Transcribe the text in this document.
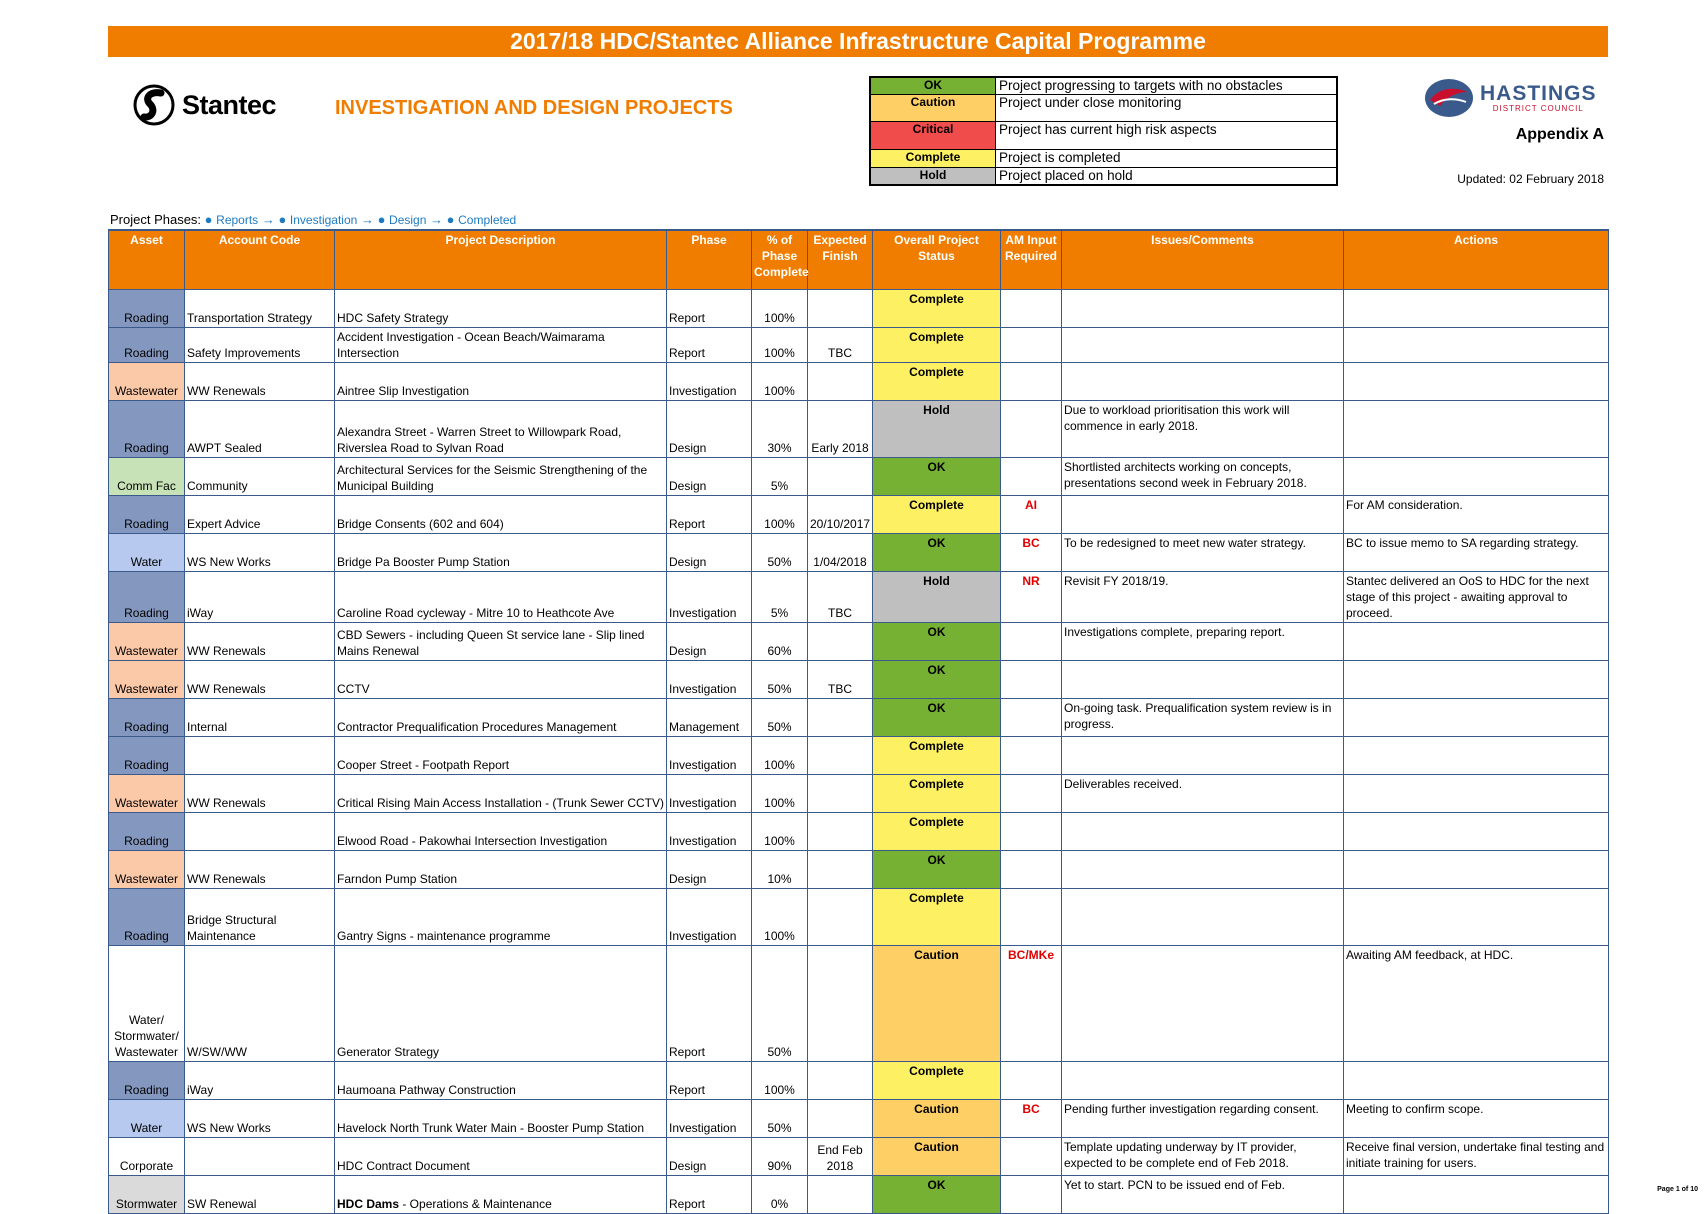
2017/18 HDC/Stantec Alliance Infrastructure Capital Programme
Stantec	INVESTIGATION AND DESIGN PROJECTS
OK	Project progressing to targets with no obstacles
Caution	Project under close monitoring
Critical	Project has current high risk aspects
Complete	Project is completed
Hold	Project placed on hold
HASTINGS
DISTRICT COUNCIL
Appendix A
Updated: 02 February 2018
Project Phases: ● Reports → ● Investigation → ● Design → ● Completed
Asset	Account Code	Project Description	Phase	% of Phase Complete	Expected Finish	Overall Project Status	AM Input Required	Issues/Comments	Actions
Roading	Transportation Strategy	HDC Safety Strategy	Report	100%		Complete			
Roading	Safety Improvements	Accident Investigation - Ocean Beach/Waimarama Intersection	Report	100%	TBC	Complete			
Wastewater	WW Renewals	Aintree Slip Investigation	Investigation	100%		Complete			
Roading	AWPT Sealed	Alexandra Street - Warren Street to Willowpark Road, Riverslea Road to Sylvan Road	Design	30%	Early 2018	Hold		Due to workload prioritisation this work will commence in early 2018.	
Comm Fac	Community	Architectural Services for the Seismic Strengthening of the Municipal Building	Design	5%		OK		Shortlisted architects working on concepts, presentations second week in February 2018.	
Roading	Expert Advice	Bridge Consents (602 and 604)	Report	100%	20/10/2017	Complete	AI		For AM consideration.
Water	WS New Works	Bridge Pa Booster Pump Station	Design	50%	1/04/2018	OK	BC	To be redesigned to meet new water strategy.	BC to issue memo to SA regarding strategy.
Roading	iWay	Caroline Road cycleway - Mitre 10 to Heathcote Ave	Investigation	5%	TBC	Hold	NR	Revisit FY 2018/19.	Stantec delivered an OoS to HDC for the next stage of this project - awaiting approval to proceed.
Wastewater	WW Renewals	CBD Sewers - including Queen St service lane - Slip lined Mains Renewal	Design	60%		OK		Investigations complete, preparing report.	
Wastewater	WW Renewals	CCTV	Investigation	50%	TBC	OK			
Roading	Internal	Contractor Prequalification Procedures Management	Management	50%		OK		On-going task. Prequalification system review is in progress.	
Roading		Cooper Street - Footpath Report	Investigation	100%		Complete			
Wastewater	WW Renewals	Critical Rising Main Access Installation - (Trunk Sewer CCTV)	Investigation	100%		Complete		Deliverables received.	
Roading		Elwood Road - Pakowhai Intersection Investigation	Investigation	100%		Complete			
Wastewater	WW Renewals	Farndon Pump Station	Design	10%		OK			
Roading	Bridge Structural Maintenance	Gantry Signs - maintenance programme	Investigation	100%		Complete			
Water/ Stormwater/ Wastewater	W/SW/WW	Generator Strategy	Report	50%		Caution	BC/MKe		Awaiting AM feedback, at HDC.
Roading	iWay	Haumoana Pathway Construction	Report	100%		Complete			
Water	WS New Works	Havelock North Trunk Water Main - Booster Pump Station	Investigation	50%		Caution	BC	Pending further investigation regarding consent.	Meeting to confirm scope.
Corporate		HDC Contract Document	Design	90%	End Feb 2018	Caution		Template updating underway by IT provider, expected to be complete end of Feb 2018.	Receive final version, undertake final testing and initiate training for users.
Stormwater	SW Renewal	HDC Dams - Operations & Maintenance	Report	0%		OK		Yet to start. PCN to be issued end of Feb.		Page 1 of 10
